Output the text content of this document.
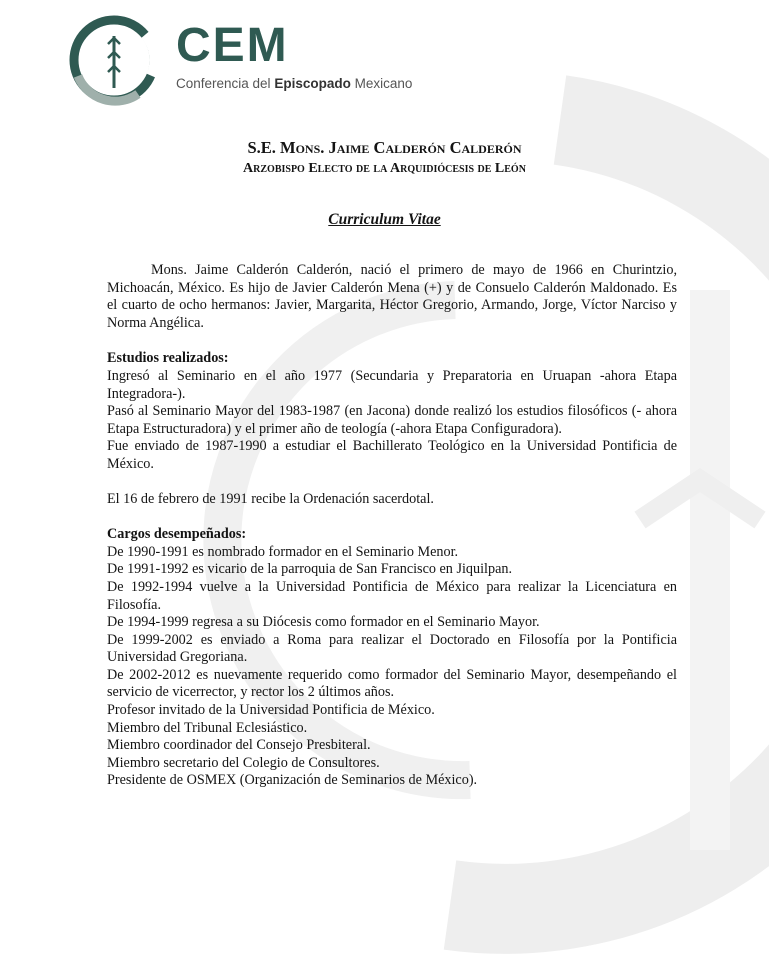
CEM
Conferencia del Episcopado Mexicano
S.E. Mons. Jaime Calderón Calderón
Arzobispo Electo de la Arquidiócesis de León
Curriculum Vitae

Mons. Jaime Calderón Calderón, nació el primero de mayo de 1966 en Churintzio, Michoacán, México. Es hijo de Javier Calderón Mena (+) y de Consuelo Calderón Maldonado. Es el cuarto de ocho hermanos: Javier, Margarita, Héctor Gregorio, Armando, Jorge, Víctor Narciso y Norma Angélica.

Estudios realizados:

Ingresó al Seminario en el año 1977 (Secundaria y Preparatoria en Uruapan -ahora Etapa Integradora-).

Pasó al Seminario Mayor del 1983-1987 (en Jacona) donde realizó los estudios filosóficos (- ahora Etapa Estructuradora) y el primer año de teología (-ahora Etapa Configuradora).

Fue enviado de 1987-1990 a estudiar el Bachillerato Teológico en la Universidad Pontificia de México.

El 16 de febrero de 1991 recibe la Ordenación sacerdotal.

Cargos desempeñados:

De 1990-1991 es nombrado formador en el Seminario Menor.

De 1991-1992 es vicario de la parroquia de San Francisco en Jiquilpan.

De 1992-1994 vuelve a la Universidad Pontificia de México para realizar la Licenciatura en Filosofía.

De 1994-1999 regresa a su Diócesis como formador en el Seminario Mayor.

De 1999-2002 es enviado a Roma para realizar el Doctorado en Filosofía por la Pontificia Universidad Gregoriana.

De 2002-2012 es nuevamente requerido como formador del Seminario Mayor, desempeñando el servicio de vicerrector, y rector los 2 últimos años.

Profesor invitado de la Universidad Pontificia de México.

Miembro del Tribunal Eclesiástico.

Miembro coordinador del Consejo Presbiteral.

Miembro secretario del Colegio de Consultores.

Presidente de OSMEX (Organización de Seminarios de México).
